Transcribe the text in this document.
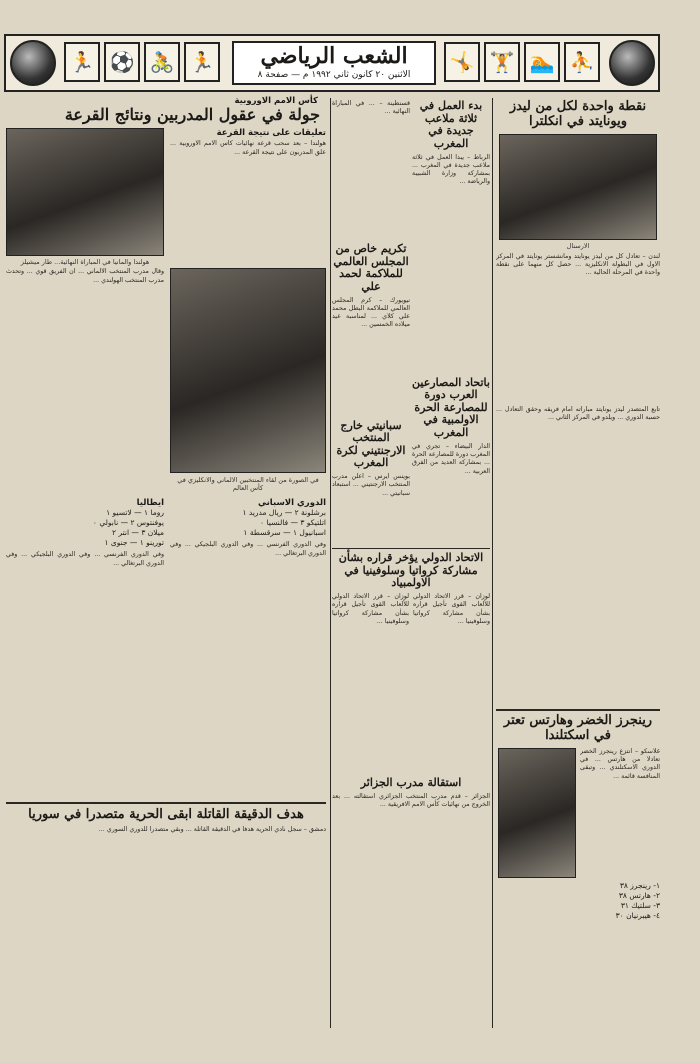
🏃 ⚽ 🚴 🏃	الشعب الرياضي
الاثنين ٢٠ كانون ثاني ١٩٩٢ م — صفحة ٨
🤸 🏋 🏊 ⛹
نقطة واحدة لكل من ليدز ويونايتد في انكلترا
الارسنال
لندن – تعادل كل من ليدز يونايتد ومانشستر يونايتد في المركز الاول في البطولة الانكليزية ... حصل كل منهما على نقطة واحدة في المرحلة الحالية ...
تابع المتصدر ليدز يونايتد مباراته امام فريقه وحقق التعادل ... حسبة الدوري ... ويلدو في المركز الثاني ...
رينجرز الخضر وهارتس تعتر في اسكتلندا
غلاسكو – انتزع رينجرز الخضر تعادلا من هارتس ... في الدوري الاسكتلندي ... وتبقى المنافسة قائمة ...
١- رينجرز ٣٨
٢- هارتس ٣٨
٣- سلتيك ٣١
٤- هيبرنيان ٣٠
بدء العمل في ثلاثة ملاعب جديدة في المغرب
الرباط – يبدأ العمل في ثلاثة ملاعب جديدة في المغرب ... بمشاركة وزارة الشبيبة والرياضة ...
باتحاد المصارعين العرب دورة للمصارعة الحرة الاولمبية في المغرب
الدار البيضاء – تجري في المغرب دورة للمصارعة الحرة ... بمشاركة العديد من الفرق العربية ...
قسنطينة – ... في المباراة النهائية ...
تكريم خاص من المجلس العالمي للملاكمة لحمد علي
نيويورك – كرم المجلس العالمي للملاكمة البطل محمد علي كلاي ... لمناسبة عيد ميلاده الخمسين ...
سبانيتي خارج المنتخب الارجنتيني لكرة المغرب
بوينس ايرس – اعلن مدرب المنتخب الارجنتيني ... استبعاد سبانيتي ...
الاتحاد الدولي يؤخر قراره بشأن مشاركة كرواتيا وسلوفينيا في الاولمبياد
لوزان – قرر الاتحاد الدولي للألعاب القوى تأجيل قراره بشأن مشاركة كرواتيا وسلوفينيا ...
لوزان – قرر الاتحاد الدولي للألعاب القوى تأجيل قراره بشأن مشاركة كرواتيا وسلوفينيا ...
استقالة مدرب الجزائر
الجزائر – قدم مدرب المنتخب الجزائري استقالته ... بعد الخروج من نهائيات كأس الامم الافريقية ...
كأس الامم الاوروبية
جولة في عقول المدربين ونتائج القرعة
تعليقات على نتيجة القرعة
هولندا – بعد سحب قرعة نهائيات كأس الامم الاوروبية ... علق المدربون على نتيجة القرعة ...
هولندا والمانيا في المباراة النهائية... طار ميشيلز
وقال مدرب المنتخب الالماني ... ان الفريق قوي ... وتحدث مدرب المنتخب الهولندي ...
في الصورة من لقاء المنتخبين الالماني والانكليزي في كأس العالم
ايطاليا
روما ١ — لاتسيو ١
يوفنتوس ٢ — نابولي ٠
ميلان ٣ — انتر ٢
تورينو ١ — جنوى ١
وفي الدوري الفرنسي ... وفي الدوري البلجيكي ... وفي الدوري البرتغالي ...
الدوري الاسباني
برشلونة ٢ — ريال مدريد ١
اتلتيكو ٣ — فالنسيا ٠
اسبانيول ١ — سرقسطة ١
وفي الدوري الفرنسي ... وفي الدوري البلجيكي ... وفي الدوري البرتغالي ...
هدف الدقيقة القاتلة ابقى الحرية متصدرا في سوريا
دمشق – سجل نادي الحرية هدفا في الدقيقة القاتلة ... وبقي متصدرا للدوري السوري ...
